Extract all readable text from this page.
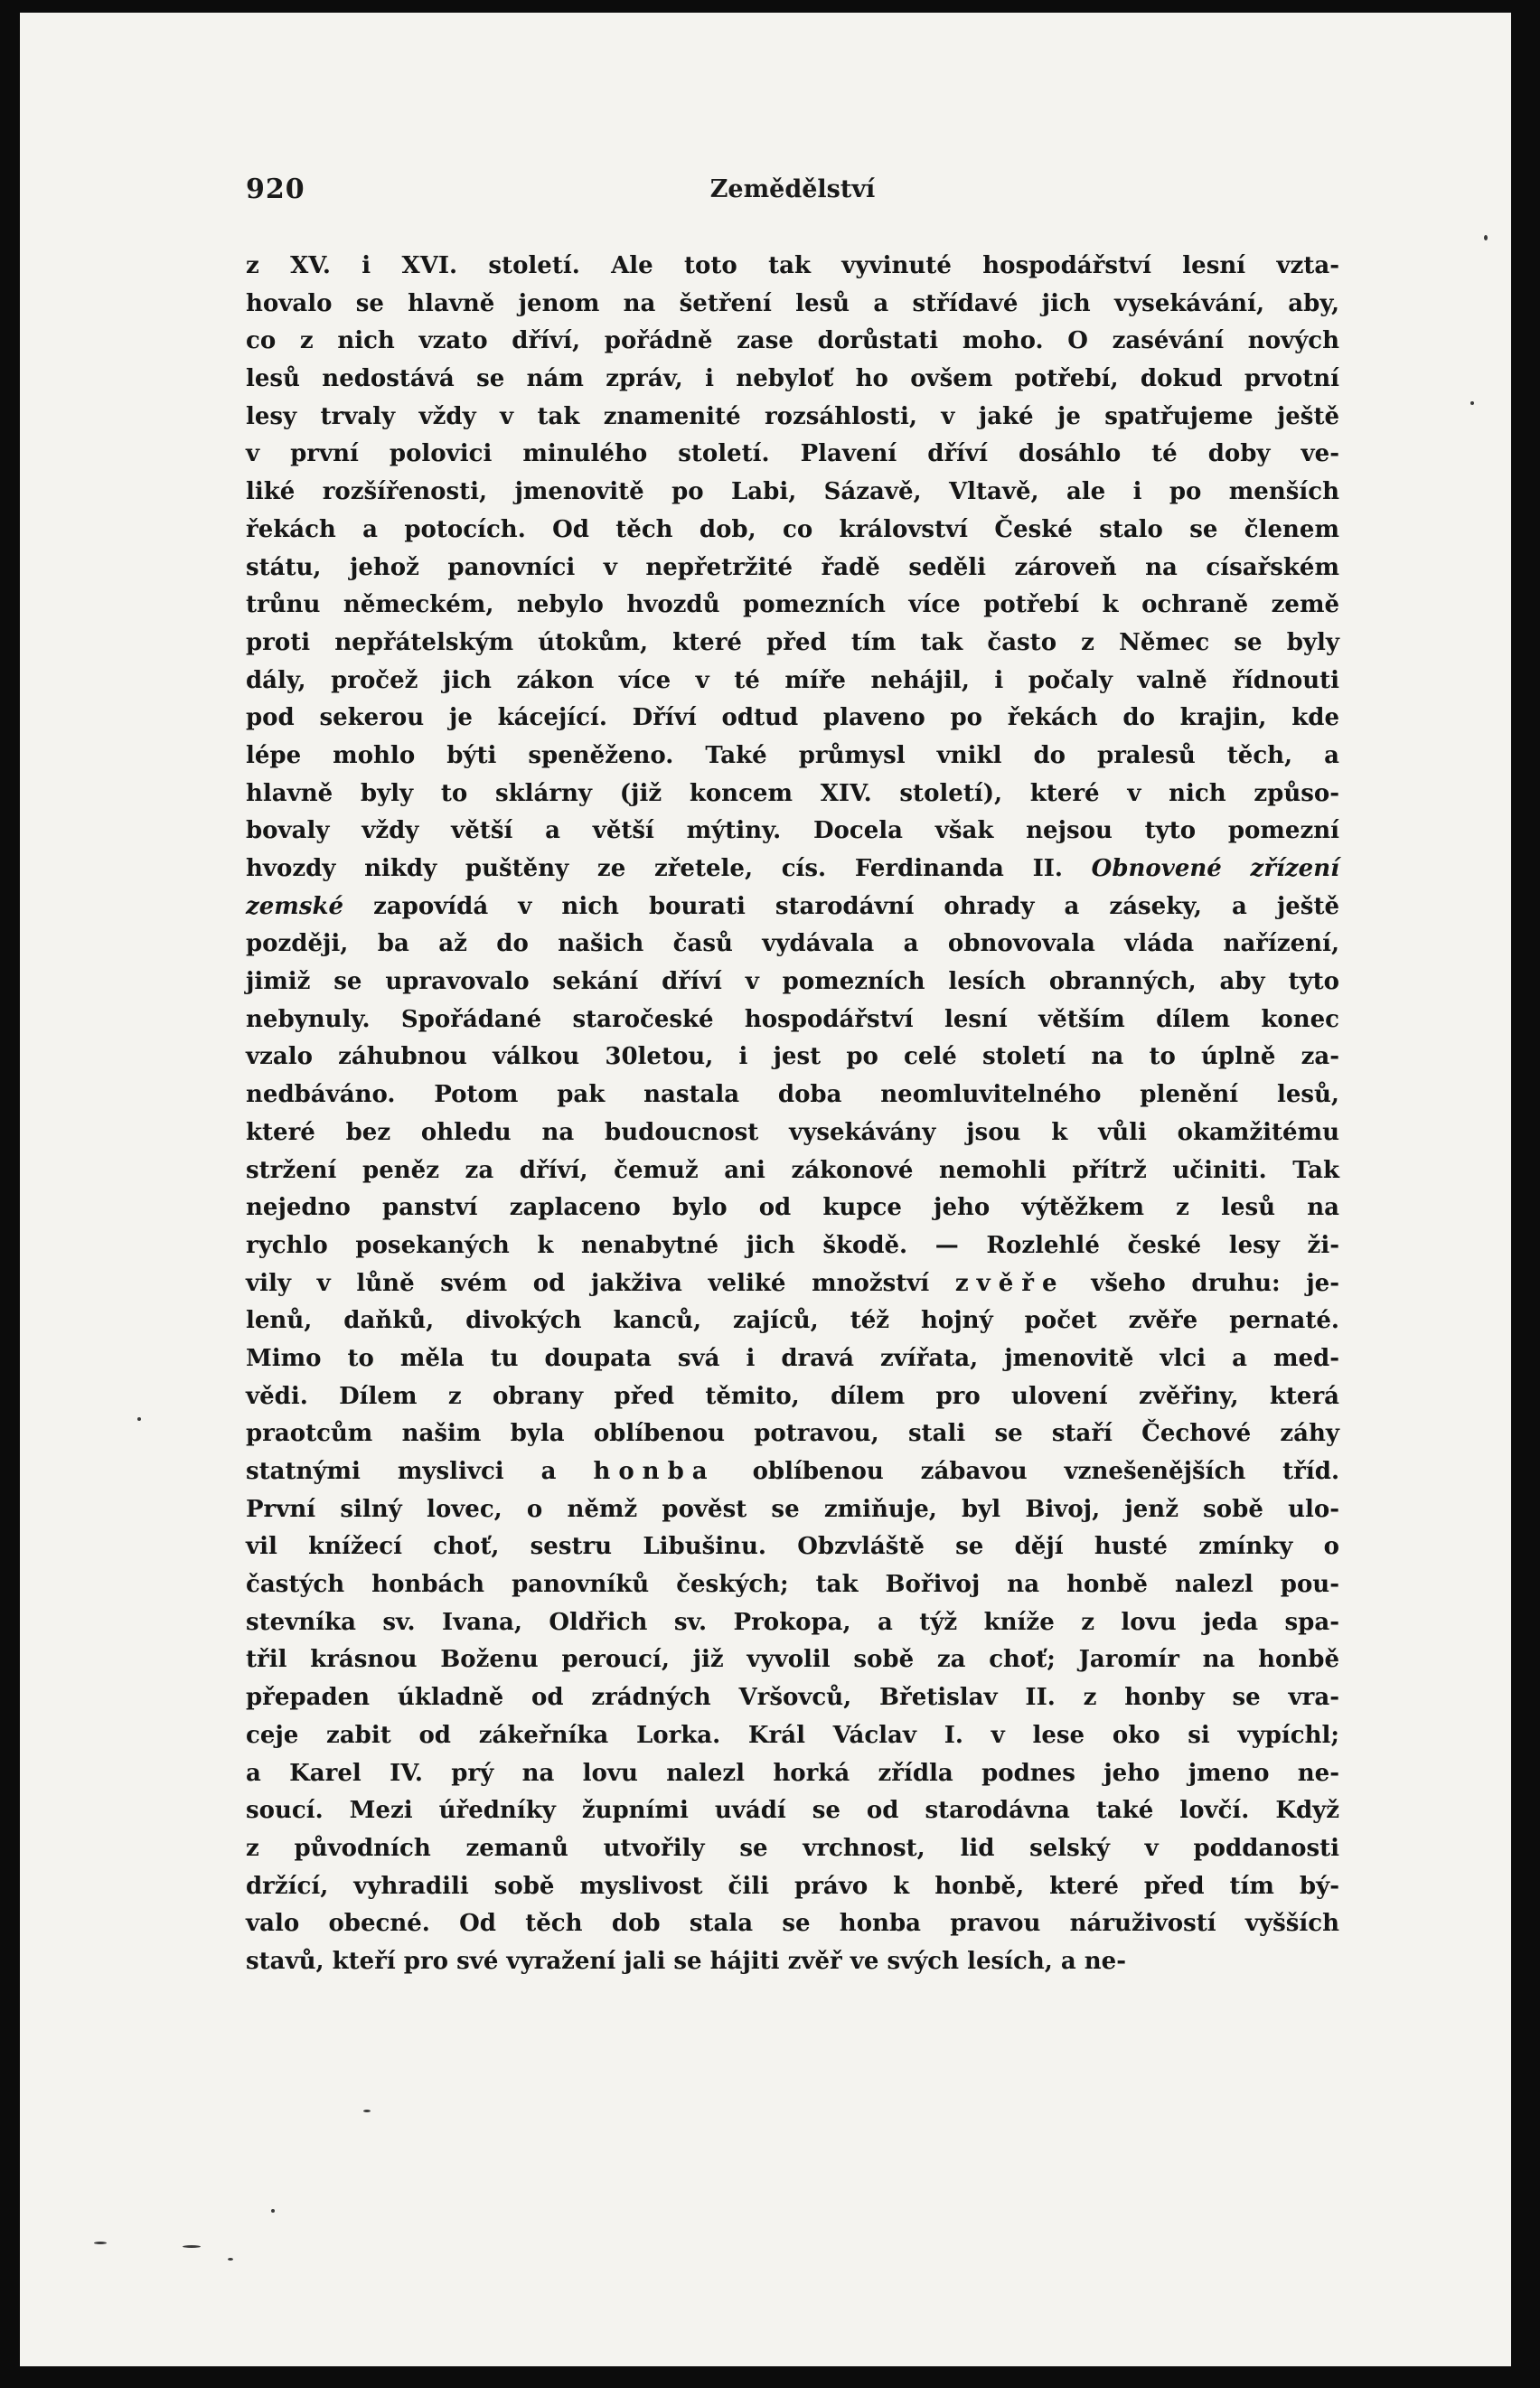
920	Zemědělství
z XV. i XVI. století. Ale toto tak vyvinuté hospodářství lesní vzta-
hovalo se hlavně jenom na šetření lesů a střídavé jich vysekávání, aby,
co z nich vzato dříví, pořádně zase dorůstati moho. O zasévání nových
lesů nedostává se nám zpráv, i nebyloť ho ovšem potřebí, dokud prvotní
lesy trvaly vždy v tak znamenité rozsáhlosti, v jaké je spatřujeme ještě
v první polovici minulého století. Plavení dříví dosáhlo té doby ve-
liké rozšířenosti, jmenovitě po Labi, Sázavě, Vltavě, ale i po menších
řekách a potocích. Od těch dob, co království České stalo se členem
státu, jehož panovníci v nepřetržité řadě seděli zároveň na císařském
trůnu německém, nebylo hvozdů pomezních více potřebí k ochraně země
proti nepřátelským útokům, které před tím tak často z Němec se byly
dály, pročež jich zákon více v té míře nehájil, i počaly valně řídnouti
pod sekerou je kácející. Dříví odtud plaveno po řekách do krajin, kde
lépe mohlo býti speněženo. Také průmysl vnikl do pralesů těch, a
hlavně byly to sklárny (již koncem XIV. století), které v nich způso-
bovaly vždy větší a větší mýtiny. Docela však nejsou tyto pomezní
hvozdy nikdy puštěny ze zřetele, cís. Ferdinanda II. Obnovené zřízení
zemské zapovídá v nich bourati starodávní ohrady a záseky, a ještě
později, ba až do našich časů vydávala a obnovovala vláda nařízení,
jimiž se upravovalo sekání dříví v pomezních lesích obranných, aby tyto
nebynuly. Spořádané staročeské hospodářství lesní větším dílem konec
vzalo záhubnou válkou 30letou, i jest po celé století na to úplně za-
nedbáváno. Potom pak nastala doba neomluvitelného plenění lesů,
které bez ohledu na budoucnost vysekávány jsou k vůli okamžitému
stržení peněz za dříví, čemuž ani zákonové nemohli přítrž učiniti. Tak
nejedno panství zaplaceno bylo od kupce jeho výtěžkem z lesů na
rychlo posekaných k nenabytné jich škodě. — Rozlehlé české lesy ži-
vily v lůně svém od jakživa veliké množství zvěře všeho druhu: je-
lenů, daňků, divokých kanců, zajíců, též hojný počet zvěře pernaté.
Mimo to měla tu doupata svá i dravá zvířata, jmenovitě vlci a med-
vědi. Dílem z obrany před těmito, dílem pro ulovení zvěřiny, která
praotcům našim byla oblíbenou potravou, stali se staří Čechové záhy
statnými myslivci a honba oblíbenou zábavou vznešenějších tříd.
První silný lovec, o němž pověst se zmiňuje, byl Bivoj, jenž sobě ulo-
vil knížecí choť, sestru Libušinu. Obzvláště se dějí husté zmínky o
častých honbách panovníků českých; tak Bořivoj na honbě nalezl pou-
stevníka sv. Ivana, Oldřich sv. Prokopa, a týž kníže z lovu jeda spa-
třil krásnou Boženu peroucí, již vyvolil sobě za choť; Jaromír na honbě
přepaden úkladně od zrádných Vršovců, Břetislav II. z honby se vra-
ceje zabit od zákeřníka Lorka. Král Václav I. v lese oko si vypíchl;
a Karel IV. prý na lovu nalezl horká zřídla podnes jeho jmeno ne-
soucí. Mezi úředníky župními uvádí se od starodávna také lovčí. Když
z původních zemanů utvořily se vrchnost, lid selský v poddanosti
držící, vyhradili sobě myslivost čili právo k honbě, které před tím bý-
valo obecné. Od těch dob stala se honba pravou náruživostí vyšších
stavů, kteří pro své vyražení jali se hájiti zvěř ve svých lesích, a ne-
